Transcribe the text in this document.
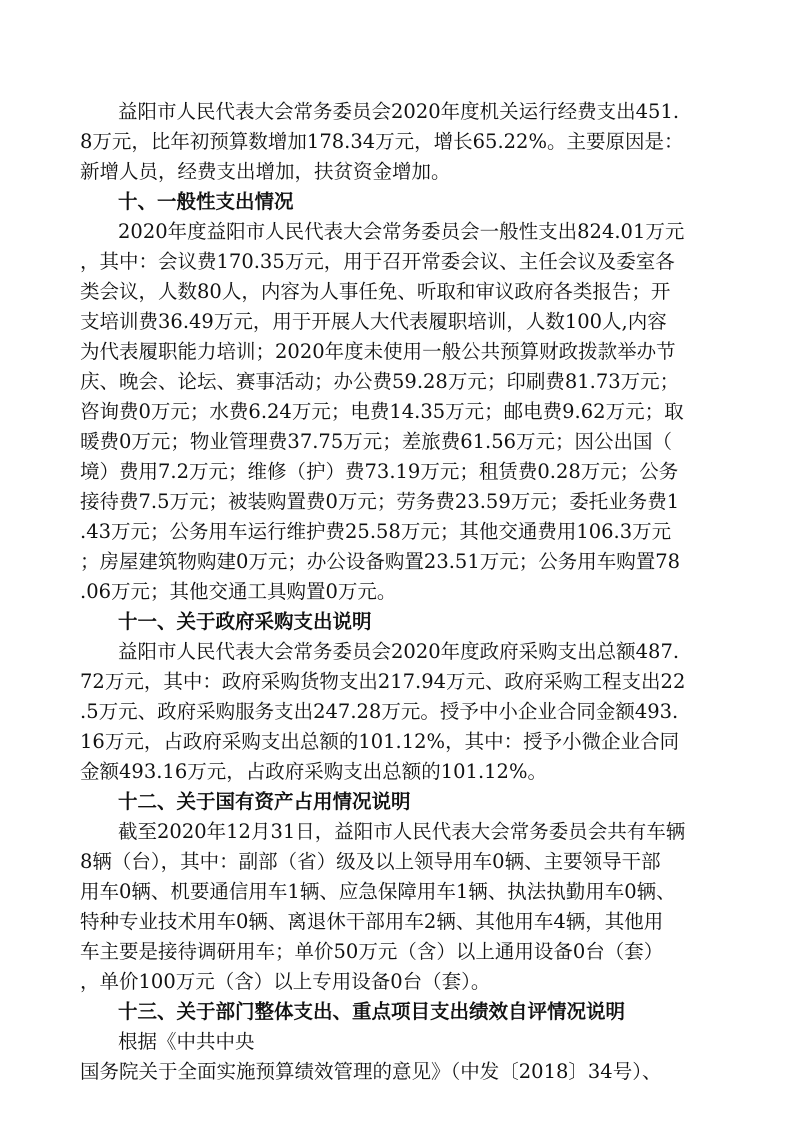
益阳市人民代表大会常务委员会2020年度机关运行经费支出451.
8万元，比年初预算数增加178.34万元，增长65.22%。主要原因是：
新增人员，经费支出增加，扶贫资金增加。
十、一般性支出情况
2020年度益阳市人民代表大会常务委员会一般性支出824.01万元
，其中：会议费170.35万元，用于召开常委会议、主任会议及委室各
类会议，人数80人，内容为人事任免、听取和审议政府各类报告；开
支培训费36.49万元，用于开展人大代表履职培训，人数100人,内容
为代表履职能力培训；2020年度未使用一般公共预算财政拨款举办节
庆、晚会、论坛、赛事活动；办公费59.28万元；印刷费81.73万元；
咨询费0万元；水费6.24万元；电费14.35万元；邮电费9.62万元；取
暖费0万元；物业管理费37.75万元；差旅费61.56万元；因公出国（
境）费用7.2万元；维修（护）费73.19万元；租赁费0.28万元；公务
接待费7.5万元；被装购置费0万元；劳务费23.59万元；委托业务费1
.43万元；公务用车运行维护费25.58万元；其他交通费用106.3万元
；房屋建筑物购建0万元；办公设备购置23.51万元；公务用车购置78
.06万元；其他交通工具购置0万元。
十一、关于政府采购支出说明
益阳市人民代表大会常务委员会2020年度政府采购支出总额487.
72万元，其中：政府采购货物支出217.94万元、政府采购工程支出22
.5万元、政府采购服务支出247.28万元。授予中小企业合同金额493.
16万元，占政府采购支出总额的101.12%，其中：授予小微企业合同
金额493.16万元，占政府采购支出总额的101.12%。
十二、关于国有资产占用情况说明
截至2020年12月31日，益阳市人民代表大会常务委员会共有车辆
8辆（台），其中：副部（省）级及以上领导用车0辆、主要领导干部
用车0辆、机要通信用车1辆、应急保障用车1辆、执法执勤用车0辆、
特种专业技术用车0辆、离退休干部用车2辆、其他用车4辆，其他用
车主要是接待调研用车；单价50万元（含）以上通用设备0台（套）
，单价100万元（含）以上专用设备0台（套）。
十三、关于部门整体支出、重点项目支出绩效自评情况说明
根据《中共中央
国务院关于全面实施预算绩效管理的意见》（中发〔2018〕34号）、
